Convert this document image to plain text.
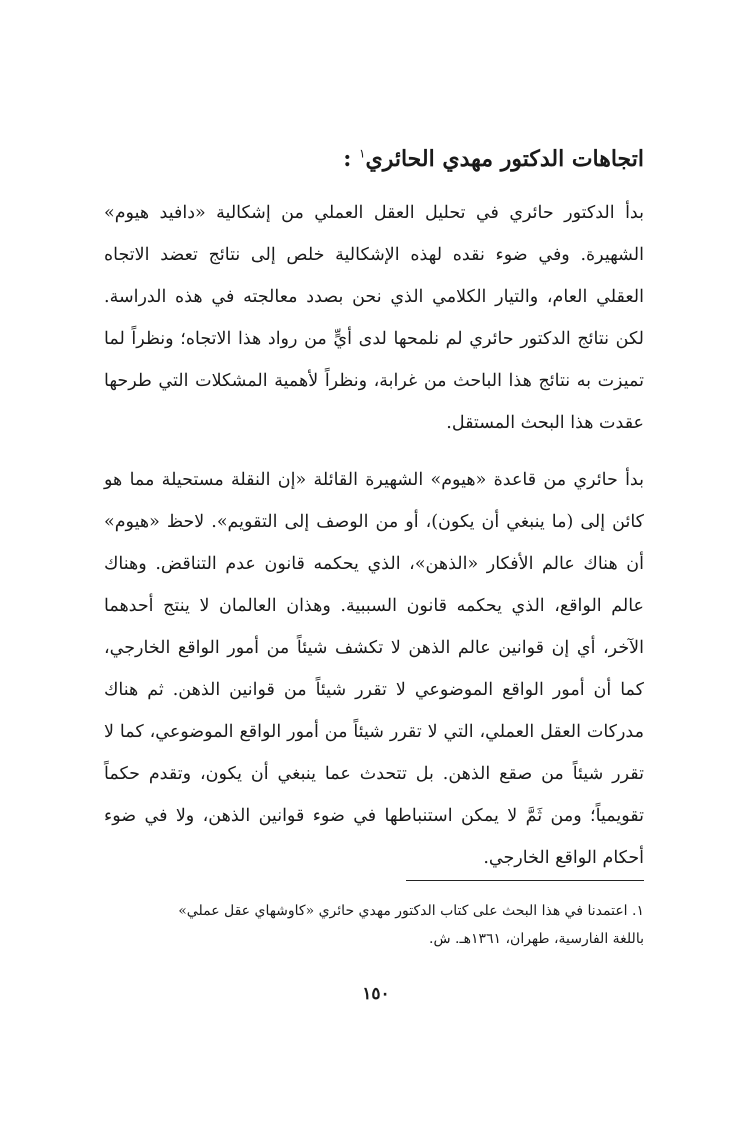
اتجاهات الدكتور مهدي الحائري$^١$ :

بدأ الدكتور حائري في تحليل العقل العملي من إشكالية «دافيد هيوم» الشهيرة. وفي ضوء نقده لهذه الإشكالية خلص إلى نتائج تعضد الاتجاه العقلي العام، والتيار الكلامي الذي نحن بصدد معالجته في هذه الدراسة. لكن نتائج الدكتور حائري لم نلمحها لدى أيٍّ من رواد هذا الاتجاه؛ ونظراً لما تميزت به نتائج هذا الباحث من غرابة، ونظراً لأهمية المشكلات التي طرحها عقدت هذا البحث المستقل.

بدأ حائري من قاعدة «هيوم» الشهيرة القائلة «إن النقلة مستحيلة مما هو كائن إلى (ما ينبغي أن يكون)، أو من الوصف إلى التقويم». لاحظ «هيوم» أن هناك عالم الأفكار «الذهن»، الذي يحكمه قانون عدم التناقض. وهناك عالم الواقع، الذي يحكمه قانون السببية. وهذان العالمان لا ينتج أحدهما الآخر، أي إن قوانين عالم الذهن لا تكشف شيئاً من أمور الواقع الخارجي، كما أن أمور الواقع الموضوعي لا تقرر شيئاً من قوانين الذهن. ثم هناك مدركات العقل العملي، التي لا تقرر شيئاً من أمور الواقع الموضوعي، كما لا تقرر شيئاً من صقع الذهن. بل تتحدث عما ينبغي أن يكون، وتقدم حكماً تقويمياً؛ ومن ثَمَّ لا يمكن استنباطها في ضوء قوانين الذهن، ولا في ضوء أحكام الواقع الخارجي.

١. اعتمدنا في هذا البحث على كتاب الدكتور مهدي حائري «كاوشهاي عقل عملي»

باللغة الفارسية، طهران، ١٣٦١هـ. ش.

١٥٠
